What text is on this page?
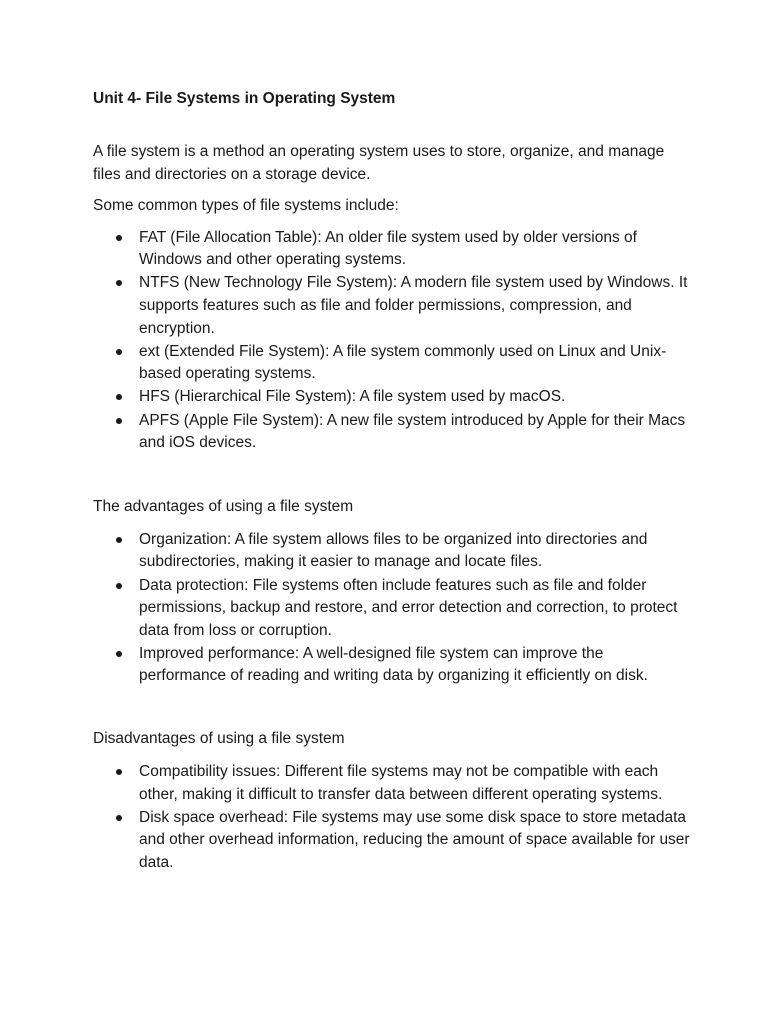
Unit 4- File Systems in Operating System
A file system is a method an operating system uses to store, organize, and manage files and directories on a storage device.
Some common types of file systems include:
FAT (File Allocation Table): An older file system used by older versions of Windows and other operating systems.
NTFS (New Technology File System): A modern file system used by Windows. It supports features such as file and folder permissions, compression, and encryption.
ext (Extended File System): A file system commonly used on Linux and Unix-based operating systems.
HFS (Hierarchical File System): A file system used by macOS.
APFS (Apple File System): A new file system introduced by Apple for their Macs and iOS devices.
The advantages of using a file system
Organization: A file system allows files to be organized into directories and subdirectories, making it easier to manage and locate files.
Data protection: File systems often include features such as file and folder permissions, backup and restore, and error detection and correction, to protect data from loss or corruption.
Improved performance: A well-designed file system can improve the performance of reading and writing data by organizing it efficiently on disk.
Disadvantages of using a file system
Compatibility issues: Different file systems may not be compatible with each other, making it difficult to transfer data between different operating systems.
Disk space overhead: File systems may use some disk space to store metadata and other overhead information, reducing the amount of space available for user data.
